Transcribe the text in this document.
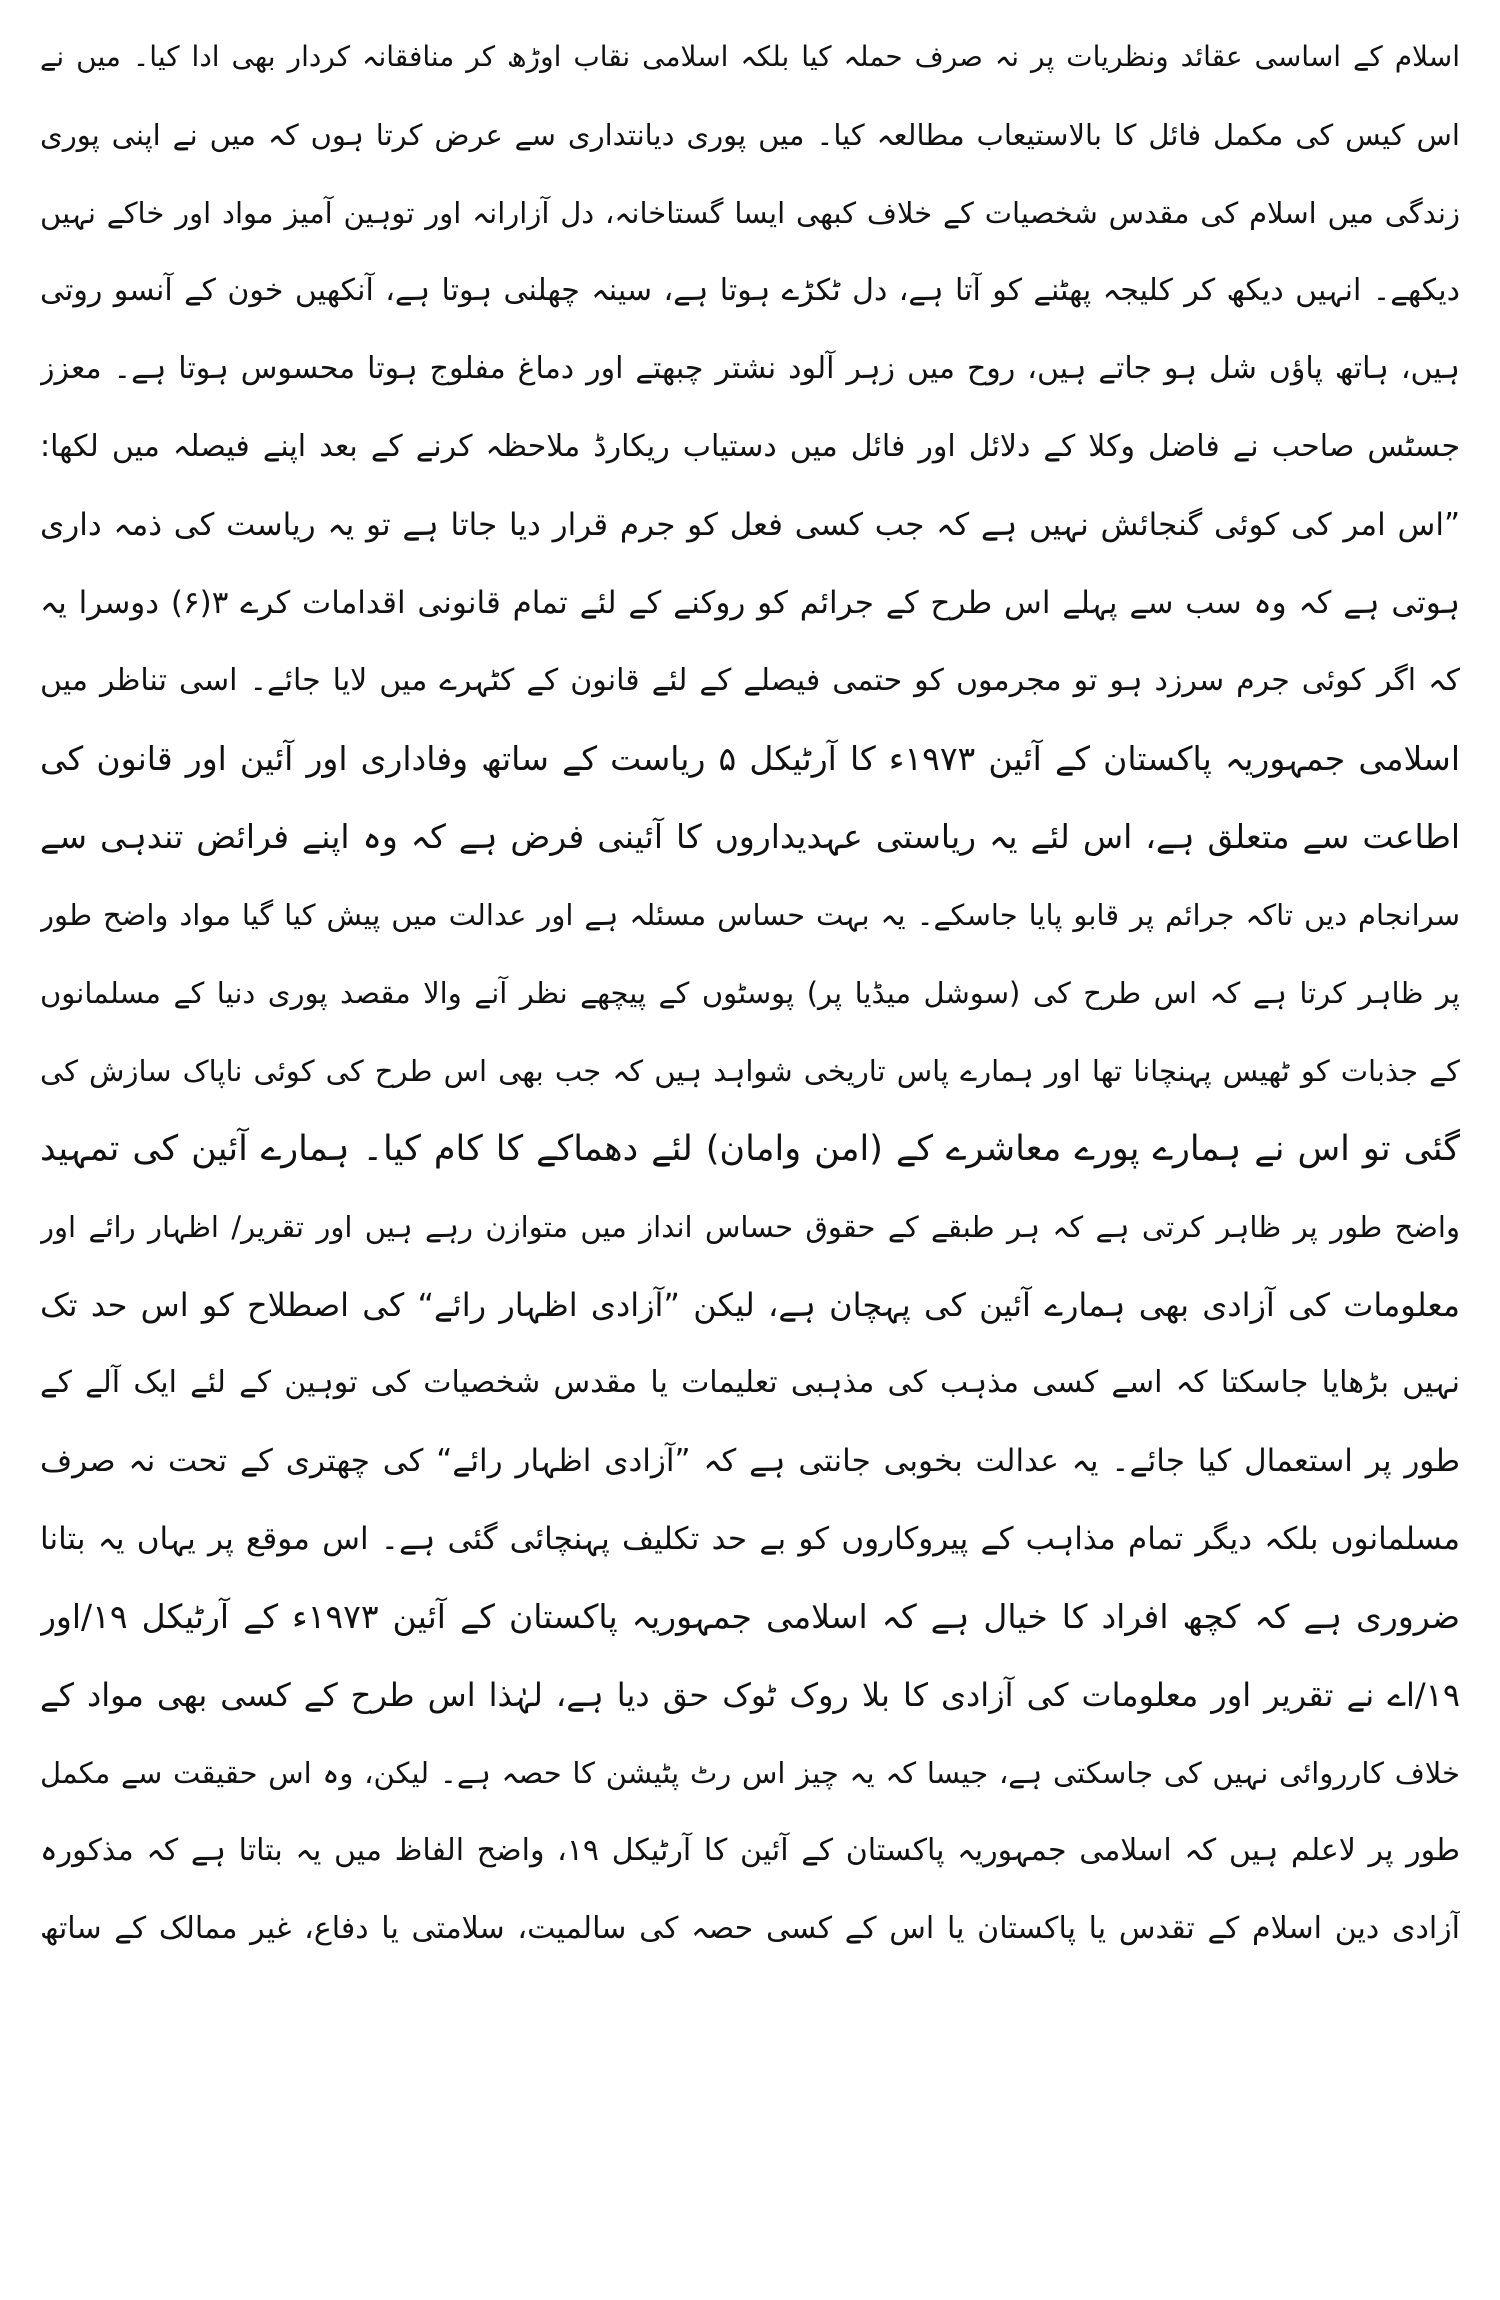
اسلام کے اساسی عقائد ونظریات پر نہ صرف حملہ کیا بلکہ اسلامی نقاب اوڑھ کر منافقانہ کردار بھی ادا کیا۔ میں نے
اس کیس کی مکمل فائل کا بالاستیعاب مطالعہ کیا۔ میں پوری دیانتداری سے عرض کرتا ہوں کہ میں نے اپنی پوری
زندگی میں اسلام کی مقدس شخصیات کے خلاف کبھی ایسا گستاخانہ، دل آزارانہ اور توہین آمیز مواد اور خاکے نہیں
دیکھے۔ انہیں دیکھ کر کلیجہ پھٹنے کو آتا ہے، دل ٹکڑے ہوتا ہے، سینہ چھلنی ہوتا ہے، آنکھیں خون کے آنسو روتی
ہیں، ہاتھ پاؤں شل ہو جاتے ہیں، روح میں زہر آلود نشتر چبھتے اور دماغ مفلوج ہوتا محسوس ہوتا ہے۔ معزز
جسٹس صاحب نے فاضل وکلا کے دلائل اور فائل میں دستیاب ریکارڈ ملاحظہ کرنے کے بعد اپنے فیصلہ میں لکھا:
”اس امر کی کوئی گنجائش نہیں ہے کہ جب کسی فعل کو جرم قرار دیا جاتا ہے تو یہ ریاست کی ذمہ داری
ہوتی ہے کہ وہ سب سے پہلے اس طرح کے جرائم کو روکنے کے لئے تمام قانونی اقدامات کرے ۳(۶) دوسرا یہ
کہ اگر کوئی جرم سرزد ہو تو مجرموں کو حتمی فیصلے کے لئے قانون کے کٹہرے میں لایا جائے۔ اسی تناظر میں
اسلامی جمہوریہ پاکستان کے آئین ۱۹۷۳ء کا آرٹیکل ۵ ریاست کے ساتھ وفاداری اور آئین اور قانون کی
اطاعت سے متعلق ہے، اس لئے یہ ریاستی عہدیداروں کا آئینی فرض ہے کہ وہ اپنے فرائض تندہی سے
سرانجام دیں تاکہ جرائم پر قابو پایا جاسکے۔ یہ بہت حساس مسئلہ ہے اور عدالت میں پیش کیا گیا مواد واضح طور
پر ظاہر کرتا ہے کہ اس طرح کی (سوشل میڈیا پر) پوسٹوں کے پیچھے نظر آنے والا مقصد پوری دنیا کے مسلمانوں
کے جذبات کو ٹھیس پہنچانا تھا اور ہمارے پاس تاریخی شواہد ہیں کہ جب بھی اس طرح کی کوئی ناپاک سازش کی
گئی تو اس نے ہمارے پورے معاشرے کے (امن وامان) لئے دھماکے کا کام کیا۔ ہمارے آئین کی تمہید
واضح طور پر ظاہر کرتی ہے کہ ہر طبقے کے حقوق حساس انداز میں متوازن رہے ہیں اور تقریر/ اظہار رائے اور
معلومات کی آزادی بھی ہمارے آئین کی پہچان ہے، لیکن ”آزادی اظہار رائے“ کی اصطلاح کو اس حد تک
نہیں بڑھایا جاسکتا کہ اسے کسی مذہب کی مذہبی تعلیمات یا مقدس شخصیات کی توہین کے لئے ایک آلے کے
طور پر استعمال کیا جائے۔ یہ عدالت بخوبی جانتی ہے کہ ”آزادی اظہار رائے“ کی چھتری کے تحت نہ صرف
مسلمانوں بلکہ دیگر تمام مذاہب کے پیروکاروں کو بے حد تکلیف پہنچائی گئی ہے۔ اس موقع پر یہاں یہ بتانا
ضروری ہے کہ کچھ افراد کا خیال ہے کہ اسلامی جمہوریہ پاکستان کے آئین ۱۹۷۳ء کے آرٹیکل ۱۹/اور
۱۹/اے نے تقریر اور معلومات کی آزادی کا بلا روک ٹوک حق دیا ہے، لہٰذا اس طرح کے کسی بھی مواد کے
خلاف کارروائی نہیں کی جاسکتی ہے، جیسا کہ یہ چیز اس رٹ پٹیشن کا حصہ ہے۔ لیکن، وہ اس حقیقت سے مکمل
طور پر لاعلم ہیں کہ اسلامی جمہوریہ پاکستان کے آئین کا آرٹیکل ۱۹، واضح الفاظ میں یہ بتاتا ہے کہ مذکورہ
آزادی دین اسلام کے تقدس یا پاکستان یا اس کے کسی حصہ کی سالمیت، سلامتی یا دفاع، غیر ممالک کے ساتھ
